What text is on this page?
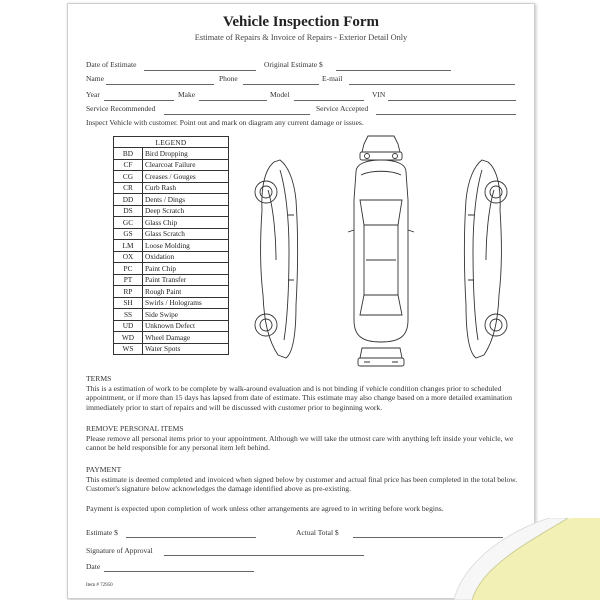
Vehicle Inspection Form
Estimate of Repairs & Invoice of Repairs - Exterior Detail Only
Date of Estimate	Original Estimate $
Name	Phone	E-mail
Year	Make	Model	VIN
Service Recommended	Service Accepted
Inspect Vehicle with customer. Point out and mark on diagram any current damage or issues.
LEGEND	
BD	Bird Dropping
CF	Clearcoat Failure
CG	Creases / Gouges
CR	Curb Rash
DD	Dents / Dings
DS	Deep Scratch
GC	Glass Chip
GS	Glass Scratch
LM	Loose Molding
OX	Oxidation
PC	Paint Chip
PT	Paint Transfer
RP	Rough Paint
SH	Swirls / Holograms
SS	Side Swipe
UD	Unknown Defect
WD	Wheel Damage
WS	Water Spots
TERMS
This is a estimation of work to be complete by walk-around evaluation and is not binding if vehicle condition changes prior to scheduled appointment, or if more than 15 days has lapsed from date of estimate. This estimate may also change based on a more detailed examination immediately prior to start of repairs and will be discussed with customer prior to beginning work.
REMOVE PERSONAL ITEMS
Please remove all personal items prior to your appointment. Although we will take the utmost care with anything left inside your vehicle, we cannot be held responsible for any personal item left behind.
PAYMENT
This estimate is deemed completed and invoiced when signed below by customer and actual final price has been completed in the total below. Customer's signature below acknowledges the damage identified above as pre-existing.
Payment is expected upon completion of work unless other arrangements are agreed to in writing before work begins.
Estimate $	Actual Total $
Signature of Approval
Date
Item # 72950
